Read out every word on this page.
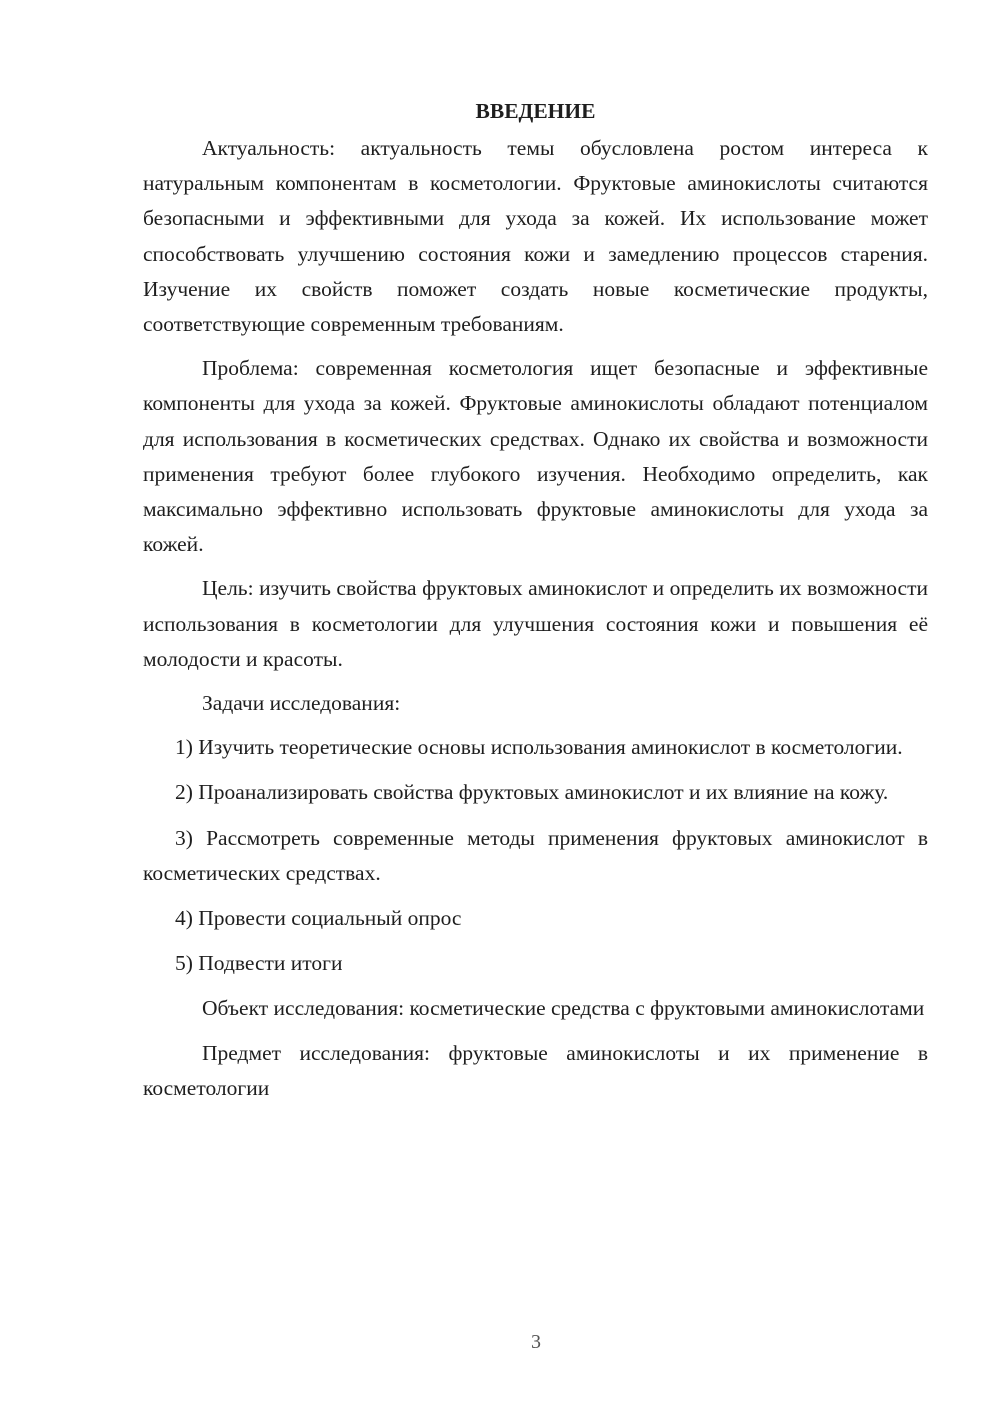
ВВЕДЕНИЕ

Актуальность: актуальность темы обусловлена ростом интереса к натуральным компонентам в косметологии. Фруктовые аминокислоты считаются безопасными и эффективными для ухода за кожей. Их использование может способствовать улучшению состояния кожи и замедлению процессов старения. Изучение их свойств поможет создать новые косметические продукты, соответствующие современным требованиям.

Проблема: современная косметология ищет безопасные и эффективные компоненты для ухода за кожей. Фруктовые аминокислоты обладают потенциалом для использования в косметических средствах. Однако их свойства и возможности применения требуют более глубокого изучения. Необходимо определить, как максимально эффективно использовать фруктовые аминокислоты для ухода за кожей.

Цель: изучить свойства фруктовых аминокислот и определить их возможности использования в косметологии для улучшения состояния кожи и повышения её молодости и красоты.

Задачи исследования:

1) Изучить теоретические основы использования аминокислот в косметологии.

2) Проанализировать свойства фруктовых аминокислот и их влияние на кожу.

3) Рассмотреть современные методы применения фруктовых аминокислот в косметических средствах.

4) Провести социальный опрос

5) Подвести итоги

Объект исследования: косметические средства с фруктовыми аминокислотами

Предмет исследования: фруктовые аминокислоты и их применение в косметологии

3
